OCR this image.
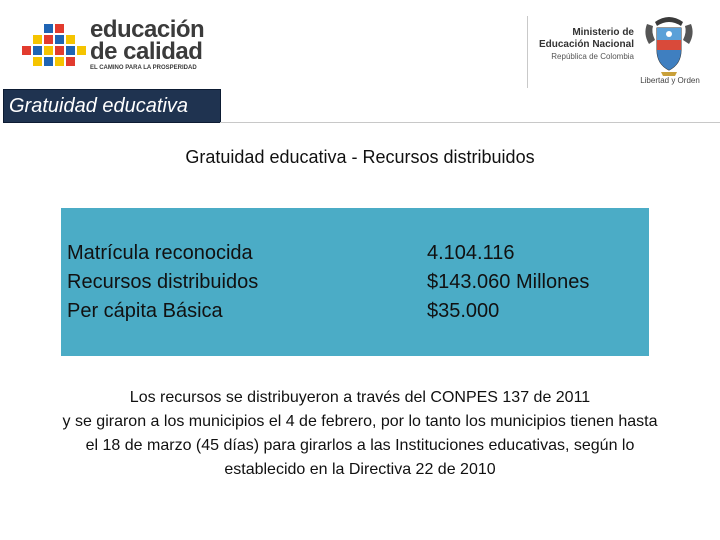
educación
de calidad
EL CAMINO PARA LA PROSPERIDAD
Ministerio de
Educación Nacional
República de Colombia
Libertad y Orden
Gratuidad educativa
Gratuidad educativa - Recursos distribuidos
Matrícula reconocida	4.104.116
Recursos distribuidos	$143.060 Millones
Per cápita Básica	$35.000
Los recursos se distribuyeron a través del CONPES 137 de 2011
y se giraron a los municipios el 4 de febrero, por lo tanto los municipios tienen hasta
el 18 de marzo (45 días) para girarlos a las Instituciones educativas, según lo
establecido en la Directiva 22 de 2010
